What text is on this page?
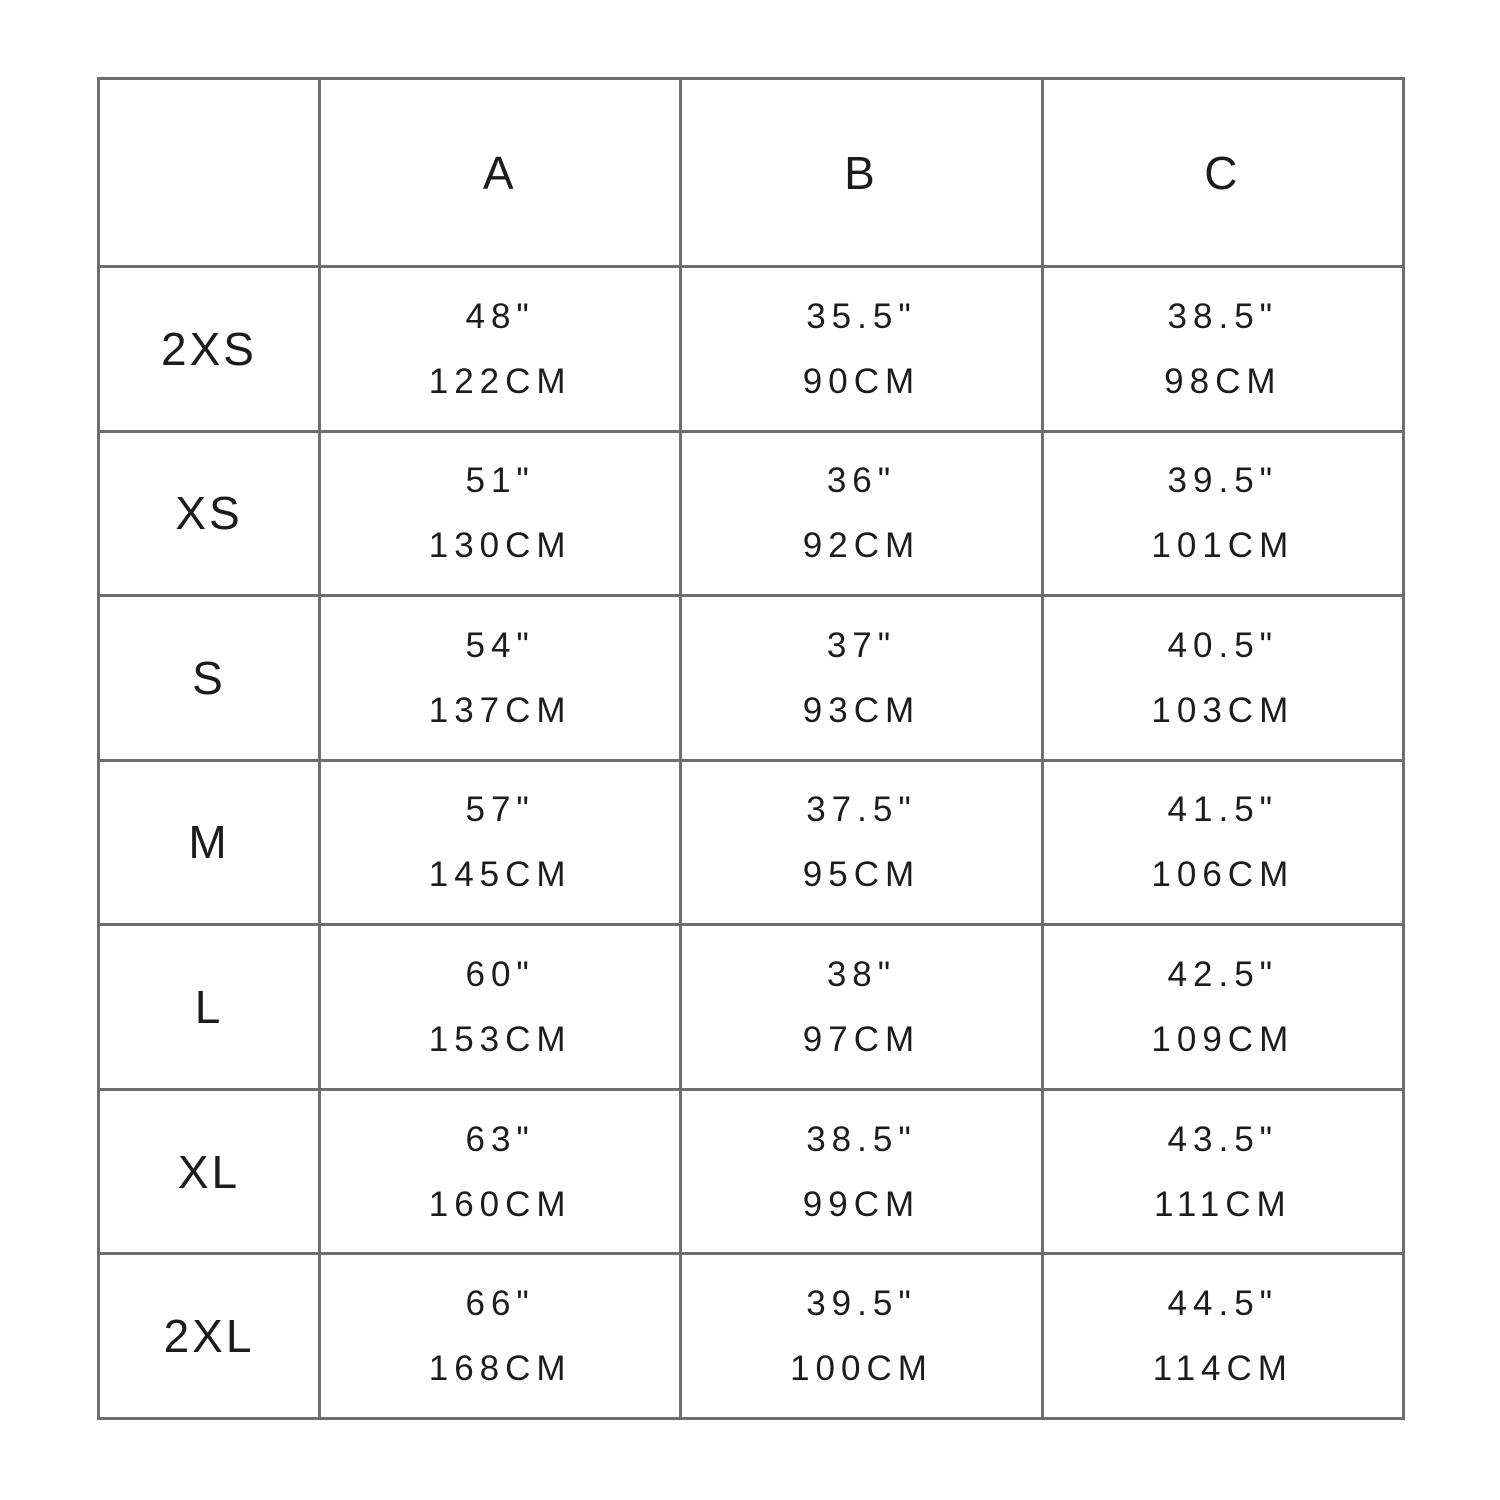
A	B	C
2XS
48"
122CM
35.5"
90CM
38.5"
98CM
XS
51"
130CM
36"
92CM
39.5"
101CM
S
54"
137CM
37"
93CM
40.5"
103CM
M
57"
145CM
37.5"
95CM
41.5"
106CM
L
60"
153CM
38"
97CM
42.5"
109CM
XL
63"
160CM
38.5"
99CM
43.5"
111CM
2XL
66"
168CM
39.5"
100CM
44.5"
114CM
